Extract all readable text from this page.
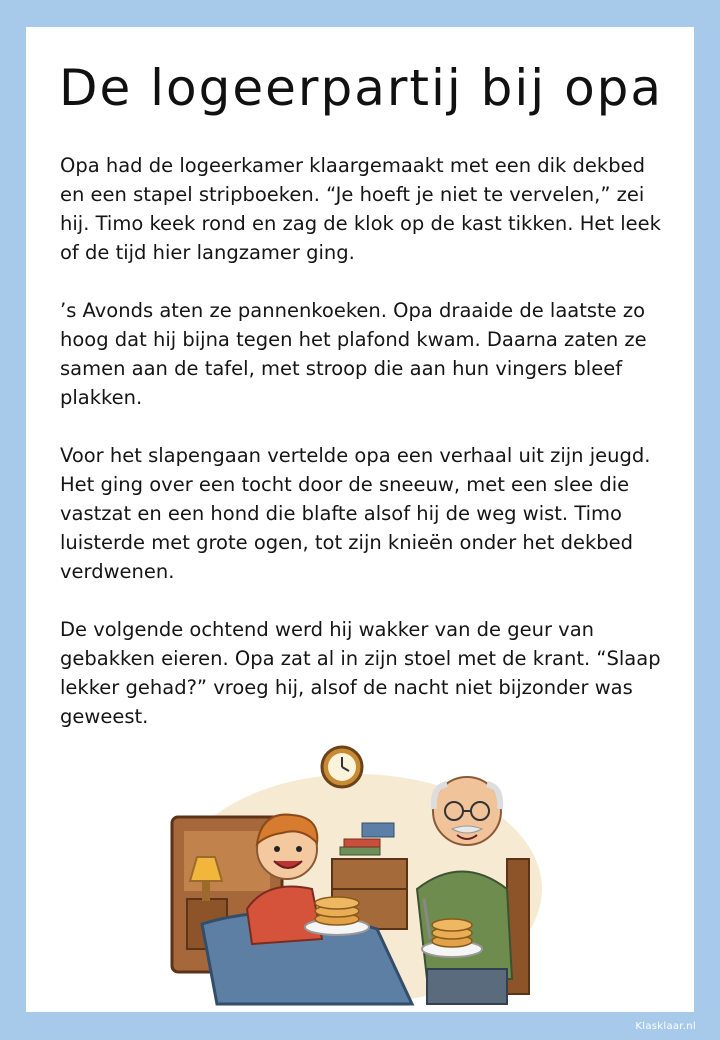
De logeerpartij bij opa

Opa had de logeerkamer klaargemaakt met een dik dekbed en een stapel stripboeken. “Je hoeft je niet te vervelen,” zei hij. Timo keek rond en zag de klok op de kast tikken. Het leek of de tijd hier langzamer ging.

’s Avonds aten ze pannenkoeken. Opa draaide de laatste zo hoog dat hij bijna tegen het plafond kwam. Daarna zaten ze samen aan de tafel, met stroop die aan hun vingers bleef plakken.

Voor het slapengaan vertelde opa een verhaal uit zijn jeugd. Het ging over een tocht door de sneeuw, met een slee die vastzat en een hond die blafte alsof hij de weg wist. Timo luisterde met grote ogen, tot zijn knieën onder het dekbed verdwenen.

De volgende ochtend werd hij wakker van de geur van gebakken eieren. Opa zat al in zijn stoel met de krant. “Slaap lekker gehad?” vroeg hij, alsof de nacht niet bijzonder was geweest.

Klasklaar.nl
